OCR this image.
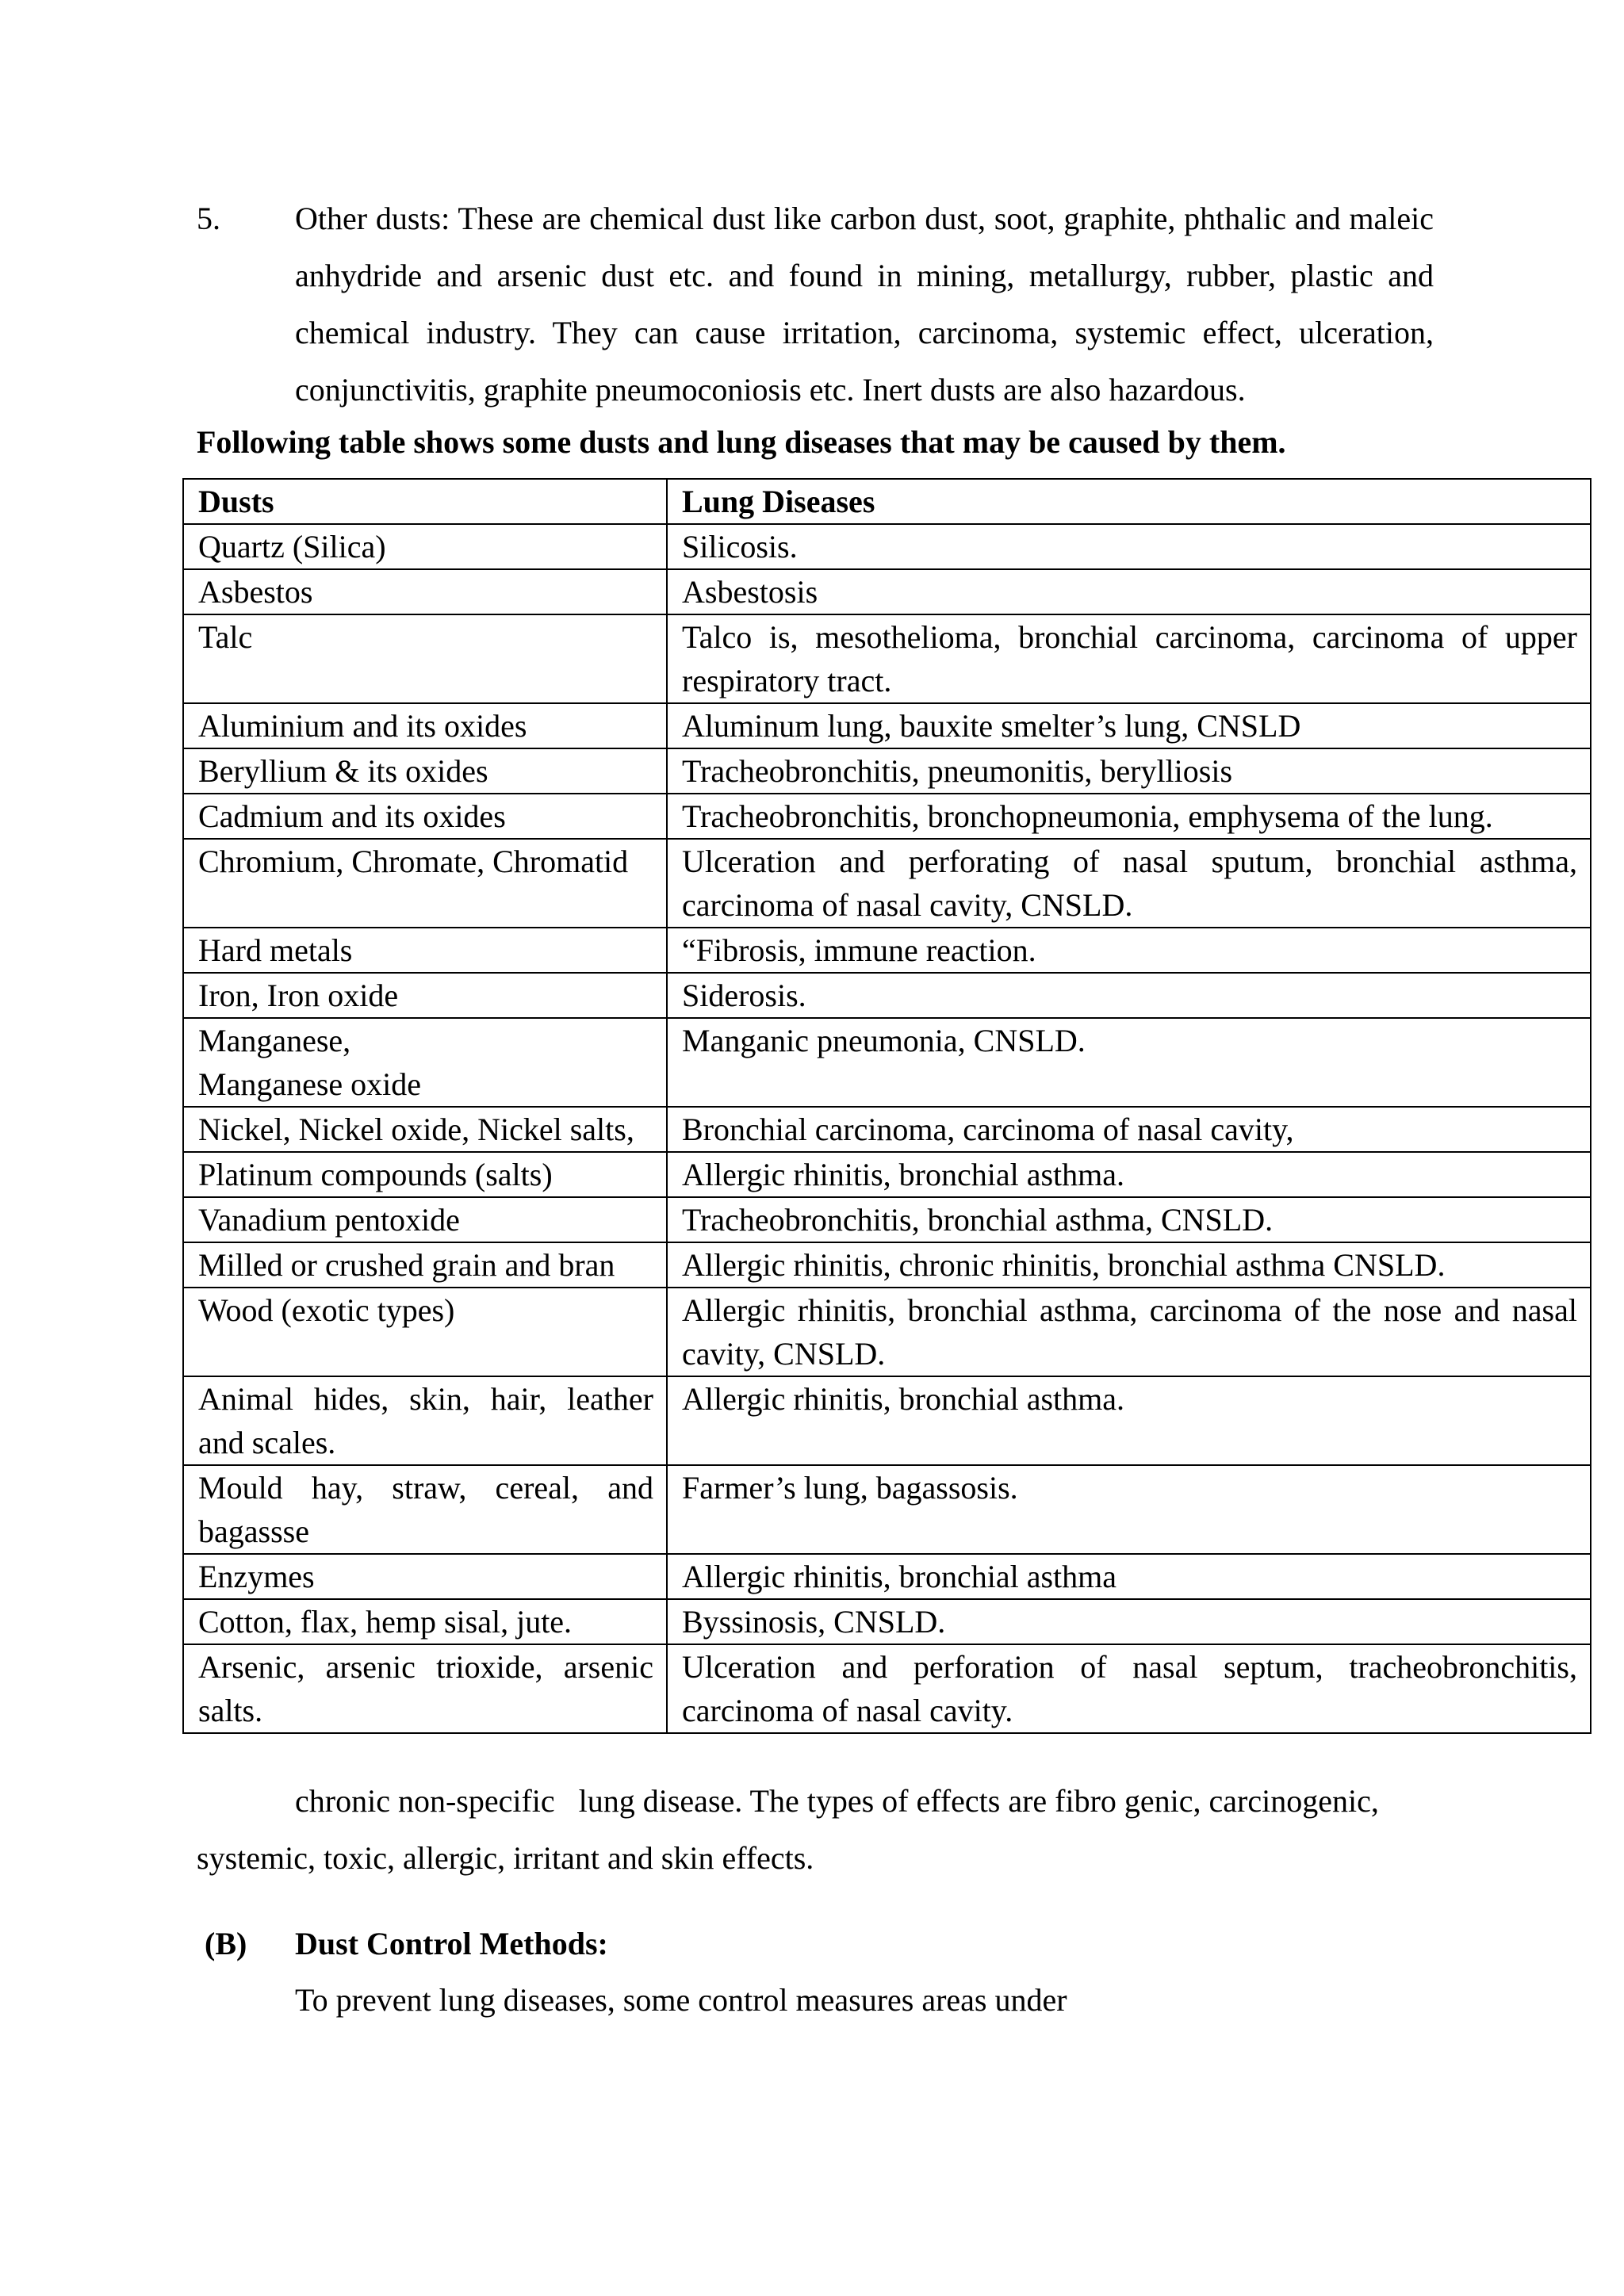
5. Other dusts: These are chemical dust like carbon dust, soot, graphite, phthalic and maleic anhydride and arsenic dust etc. and found in mining, metallurgy, rubber, plastic and chemical industry. They can cause irritation, carcinoma, systemic effect, ulceration, conjunctivitis, graphite pneumoconiosis etc. Inert dusts are also hazardous.
Following table shows some dusts and lung diseases that may be caused by them.
Dusts	Lung Diseases
Quartz (Silica)	Silicosis.
Asbestos	Asbestosis
Talc	Talco is, mesothelioma, bronchial carcinoma, carcinoma of upper respiratory tract.
Aluminium and its oxides	Aluminum lung, bauxite smelter’s lung, CNSLD
Beryllium & its oxides	Tracheobronchitis, pneumonitis, berylliosis
Cadmium and its oxides	Tracheobronchitis, bronchopneumonia, emphysema of the lung.
Chromium, Chromate, Chromatid	Ulceration and perforating of nasal sputum, bronchial asthma, carcinoma of nasal cavity, CNSLD.
Hard metals	“Fibrosis, immune reaction.
Iron, Iron oxide	Siderosis.
Manganese,
Manganese oxide	Manganic pneumonia, CNSLD.
Nickel, Nickel oxide, Nickel salts,	Bronchial carcinoma, carcinoma of nasal cavity,
Platinum compounds (salts)	Allergic rhinitis, bronchial asthma.
Vanadium pentoxide	Tracheobronchitis, bronchial asthma, CNSLD.
Milled or crushed grain and bran	Allergic rhinitis, chronic rhinitis, bronchial asthma CNSLD.
Wood (exotic types)	Allergic rhinitis, bronchial asthma, carcinoma of the nose and nasal cavity, CNSLD.
Animal hides, skin, hair, leather and scales.	Allergic rhinitis, bronchial asthma.
Mould hay, straw, cereal, and bagassse	Farmer’s lung, bagassosis.
Enzymes	Allergic rhinitis, bronchial asthma
Cotton, flax, hemp sisal, jute.	Byssinosis, CNSLD.
Arsenic, arsenic trioxide, arsenic salts.	Ulceration and perforation of nasal septum, tracheobronchitis, carcinoma of nasal cavity.
chronic non-specific   lung disease. The types of effects are fibro genic, carcinogenic,
systemic, toxic, allergic, irritant and skin effects.
(B) Dust Control Methods:
To prevent lung diseases, some control measures areas under
